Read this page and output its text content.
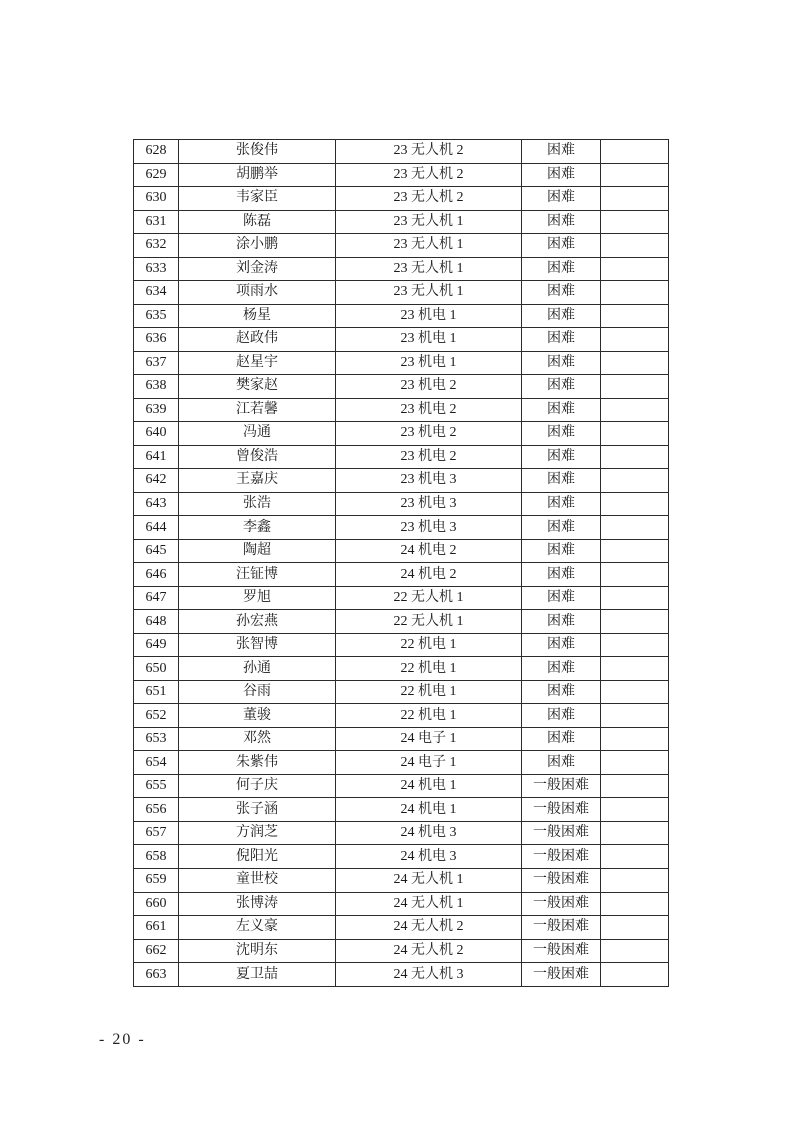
628	张俊伟	23 无人机 2	困难	
629	胡鹏举	23 无人机 2	困难	
630	韦家臣	23 无人机 2	困难	
631	陈磊	23 无人机 1	困难	
632	涂小鹏	23 无人机 1	困难	
633	刘金涛	23 无人机 1	困难	
634	项雨水	23 无人机 1	困难	
635	杨星	23 机电 1	困难	
636	赵政伟	23 机电 1	困难	
637	赵星宇	23 机电 1	困难	
638	樊家赵	23 机电 2	困难	
639	江若馨	23 机电 2	困难	
640	冯通	23 机电 2	困难	
641	曾俊浩	23 机电 2	困难	
642	王嘉庆	23 机电 3	困难	
643	张浩	23 机电 3	困难	
644	李鑫	23 机电 3	困难	
645	陶超	24 机电 2	困难	
646	汪钲博	24 机电 2	困难	
647	罗旭	22 无人机 1	困难	
648	孙宏燕	22 无人机 1	困难	
649	张智博	22 机电 1	困难	
650	孙通	22 机电 1	困难	
651	谷雨	22 机电 1	困难	
652	董骏	22 机电 1	困难	
653	邓然	24 电子 1	困难	
654	朱紫伟	24 电子 1	困难	
655	何子庆	24 机电 1	一般困难	
656	张子涵	24 机电 1	一般困难	
657	方润芝	24 机电 3	一般困难	
658	倪阳光	24 机电 3	一般困难	
659	童世校	24 无人机 1	一般困难	
660	张博涛	24 无人机 1	一般困难	
661	左义豪	24 无人机 2	一般困难	
662	沈明东	24 无人机 2	一般困难	
663	夏卫喆	24 无人机 3	一般困难	
- 20 -
